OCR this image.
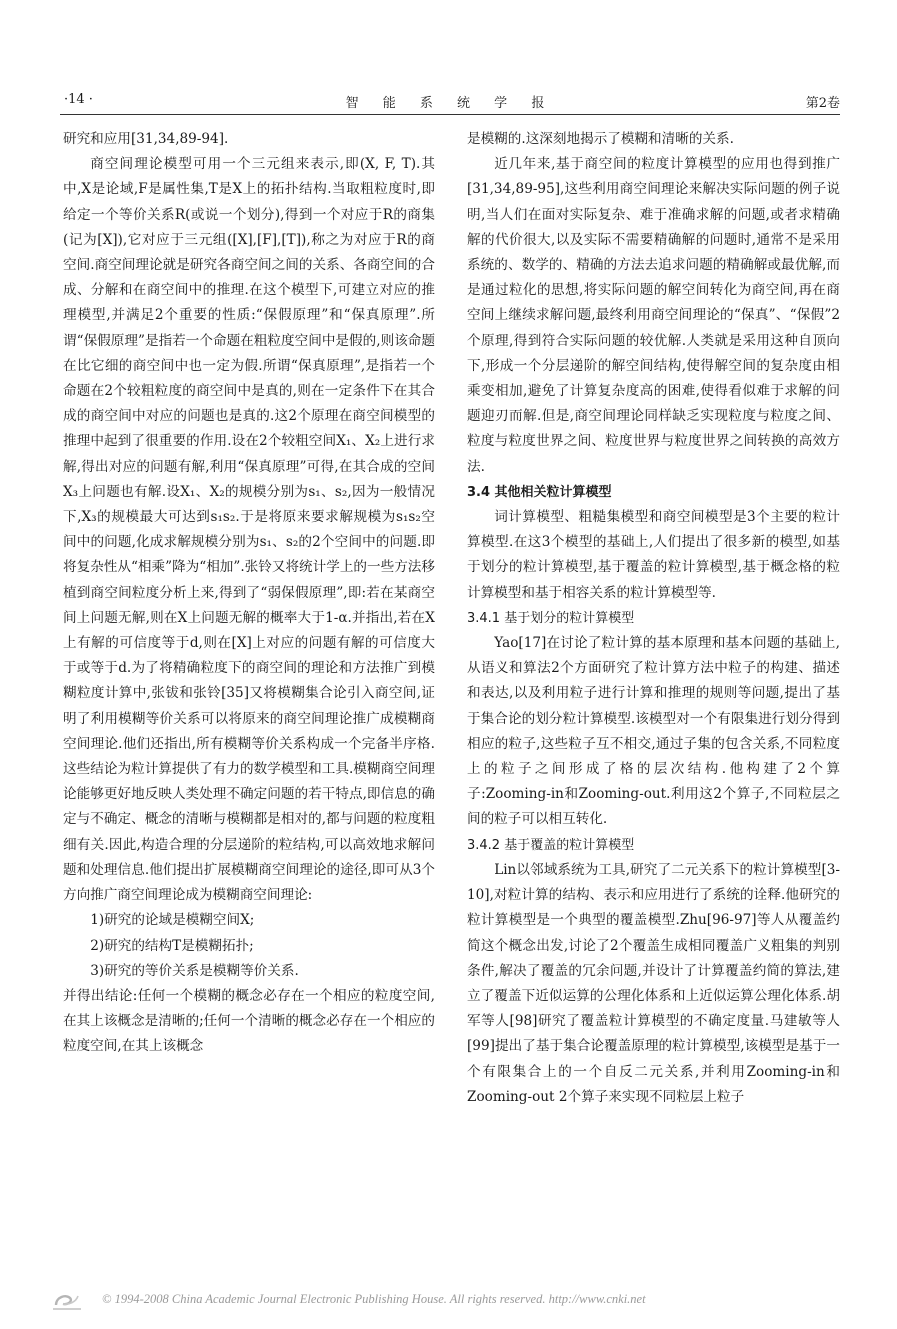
·14 ·	智 能 系 统 学 报	第2卷

研究和应用[31,34,89-94].

商空间理论模型可用一个三元组来表示,即(X, F, T).其中,X是论域,F是属性集,T是X上的拓扑结构.当取粗粒度时,即给定一个等价关系R(或说一个划分),得到一个对应于R的商集(记为[X]),它对应于三元组([X],[F],[T]),称之为对应于R的商空间.商空间理论就是研究各商空间之间的关系、各商空间的合成、分解和在商空间中的推理.在这个模型下,可建立对应的推理模型,并满足2个重要的性质:“保假原理”和“保真原理”.所谓“保假原理”是指若一个命题在粗粒度空间中是假的,则该命题在比它细的商空间中也一定为假.所谓“保真原理”,是指若一个命题在2个较粗粒度的商空间中是真的,则在一定条件下在其合成的商空间中对应的问题也是真的.这2个原理在商空间模型的推理中起到了很重要的作用.设在2个较粗空间X₁、X₂上进行求解,得出对应的问题有解,利用“保真原理”可得,在其合成的空间X₃上问题也有解.设X₁、X₂的规模分别为s₁、s₂,因为一般情况下,X₃的规模最大可达到s₁s₂.于是将原来要求解规模为s₁s₂空间中的问题,化成求解规模分别为s₁、s₂的2个空间中的问题.即将复杂性从“相乘”降为“相加”.张铃又将统计学上的一些方法移植到商空间粒度分析上来,得到了“弱保假原理”,即:若在某商空间上问题无解,则在X上问题无解的概率大于1-α.并指出,若在X上有解的可信度等于d,则在[X]上对应的问题有解的可信度大于或等于d.为了将精确粒度下的商空间的理论和方法推广到模糊粒度计算中,张钹和张铃[35]又将模糊集合论引入商空间,证明了利用模糊等价关系可以将原来的商空间理论推广成模糊商空间理论.他们还指出,所有模糊等价关系构成一个完备半序格.这些结论为粒计算提供了有力的数学模型和工具.模糊商空间理论能够更好地反映人类处理不确定问题的若干特点,即信息的确定与不确定、概念的清晰与模糊都是相对的,都与问题的粒度粗细有关.因此,构造合理的分层递阶的粒结构,可以高效地求解问题和处理信息.他们提出扩展模糊商空间理论的途径,即可从3个方向推广商空间理论成为模糊商空间理论:

1)研究的论域是模糊空间X;

2)研究的结构T是模糊拓扑;

3)研究的等价关系是模糊等价关系.

并得出结论:任何一个模糊的概念必存在一个相应的粒度空间,在其上该概念是清晰的;任何一个清晰的概念必存在一个相应的粒度空间,在其上该概念

是模糊的.这深刻地揭示了模糊和清晰的关系.

近几年来,基于商空间的粒度计算模型的应用也得到推广[31,34,89-95],这些利用商空间理论来解决实际问题的例子说明,当人们在面对实际复杂、难于准确求解的问题,或者求精确解的代价很大,以及实际不需要精确解的问题时,通常不是采用系统的、数学的、精确的方法去追求问题的精确解或最优解,而是通过粒化的思想,将实际问题的解空间转化为商空间,再在商空间上继续求解问题,最终利用商空间理论的“保真”、“保假”2个原理,得到符合实际问题的较优解.人类就是采用这种自顶向下,形成一个分层递阶的解空间结构,使得解空间的复杂度由相乘变相加,避免了计算复杂度高的困难,使得看似难于求解的问题迎刃而解.但是,商空间理论同样缺乏实现粒度与粒度之间、粒度与粒度世界之间、粒度世界与粒度世界之间转换的高效方法.

3.4 其他相关粒计算模型

词计算模型、粗糙集模型和商空间模型是3个主要的粒计算模型.在这3个模型的基础上,人们提出了很多新的模型,如基于划分的粒计算模型,基于覆盖的粒计算模型,基于概念格的粒计算模型和基于相容关系的粒计算模型等.

3.4.1 基于划分的粒计算模型

Yao[17]在讨论了粒计算的基本原理和基本问题的基础上,从语义和算法2个方面研究了粒计算方法中粒子的构建、描述和表达,以及利用粒子进行计算和推理的规则等问题,提出了基于集合论的划分粒计算模型.该模型对一个有限集进行划分得到相应的粒子,这些粒子互不相交,通过子集的包含关系,不同粒度上的粒子之间形成了格的层次结构.他构建了2个算子:Zooming-in和Zooming-out.利用这2个算子,不同粒层之间的粒子可以相互转化.

3.4.2 基于覆盖的粒计算模型

Lin以邻域系统为工具,研究了二元关系下的粒计算模型[3-10],对粒计算的结构、表示和应用进行了系统的诠释.他研究的粒计算模型是一个典型的覆盖模型.Zhu[96-97]等人从覆盖约简这个概念出发,讨论了2个覆盖生成相同覆盖广义粗集的判别条件,解决了覆盖的冗余问题,并设计了计算覆盖约简的算法,建立了覆盖下近似运算的公理化体系和上近似运算公理化体系.胡军等人[98]研究了覆盖粒计算模型的不确定度量.马建敏等人[99]提出了基于集合论覆盖原理的粒计算模型,该模型是基于一个有限集合上的一个自反二元关系,并利用Zooming-in和Zooming-out 2个算子来实现不同粒层上粒子

© 1994-2008 China Academic Journal Electronic Publishing House. All rights reserved. http://www.cnki.net
